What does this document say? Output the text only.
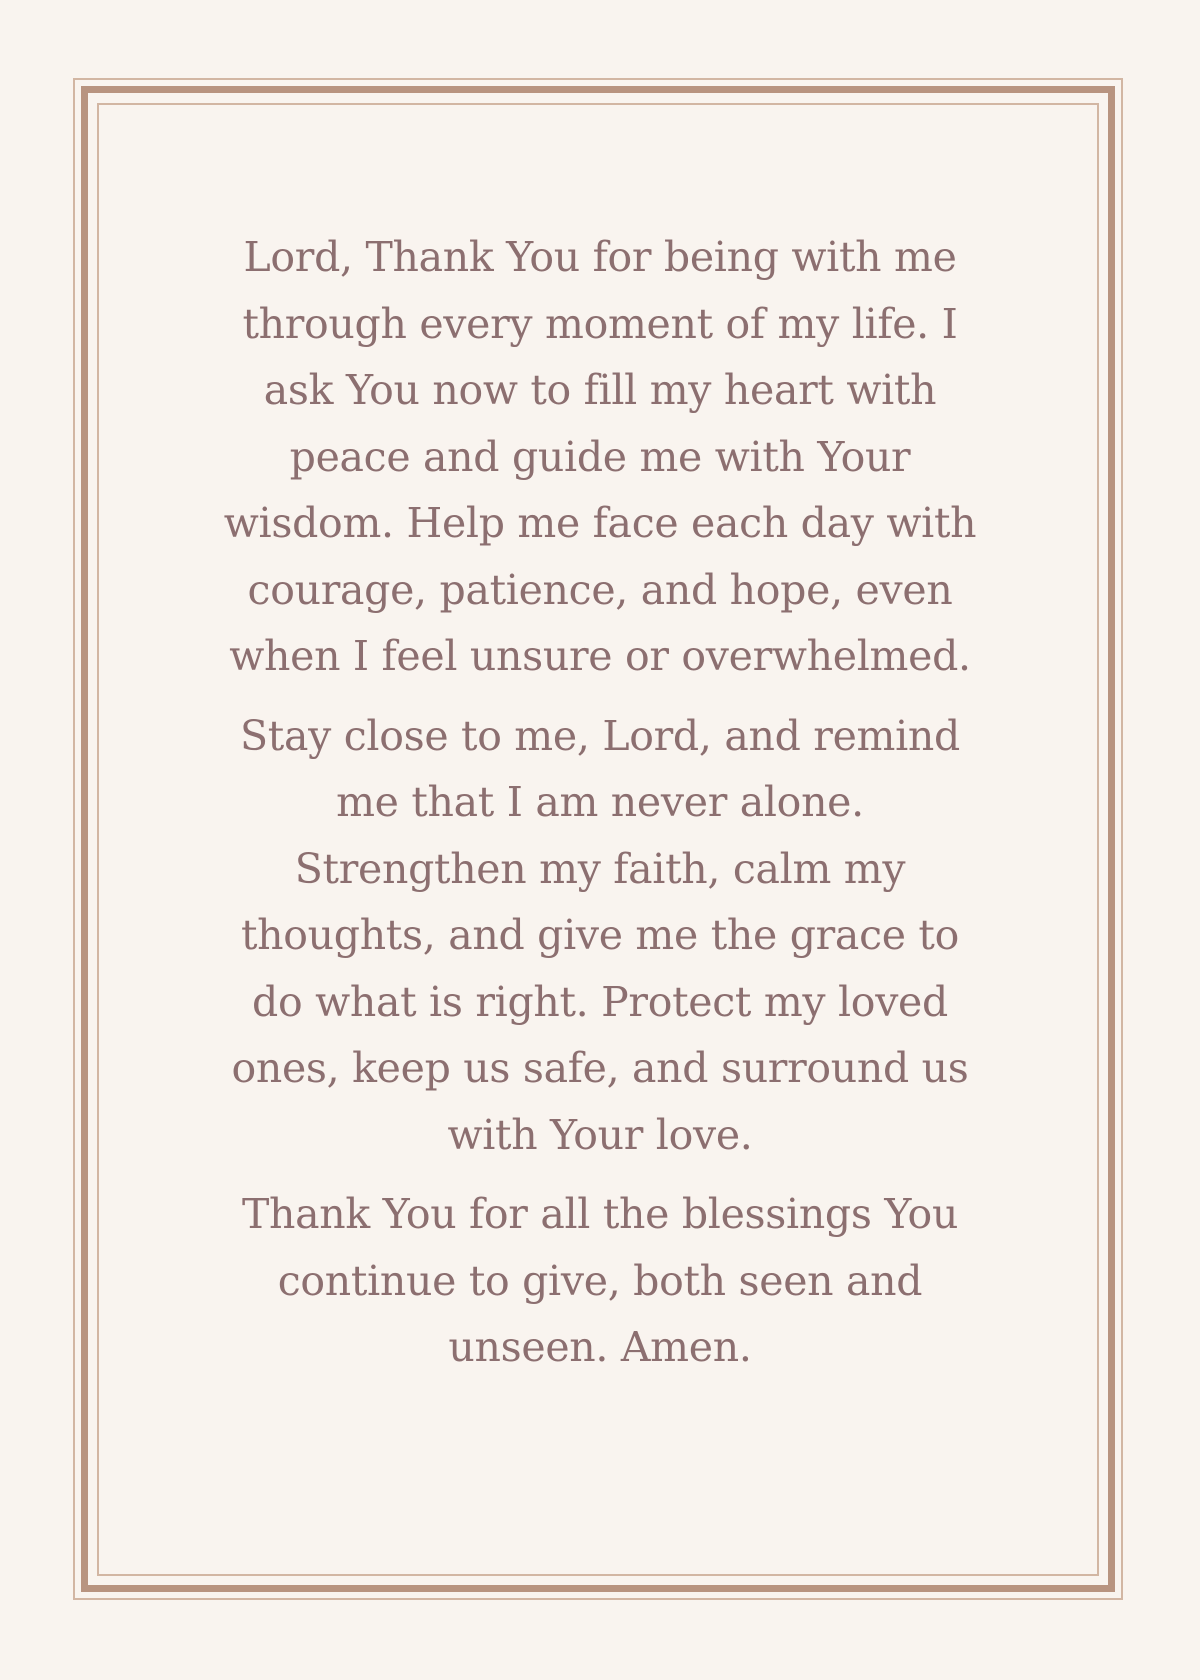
Lord, Thank You for being with me through every moment of my life. I ask You now to fill my heart with peace and guide me with Your wisdom. Help me face each day with courage, patience, and hope, even when I feel unsure or overwhelmed.

Stay close to me, Lord, and remind me that I am never alone. Strengthen my faith, calm my thoughts, and give me the grace to do what is right. Protect my loved ones, keep us safe, and surround us with Your love.

Thank You for all the blessings You continue to give, both seen and unseen. Amen.
